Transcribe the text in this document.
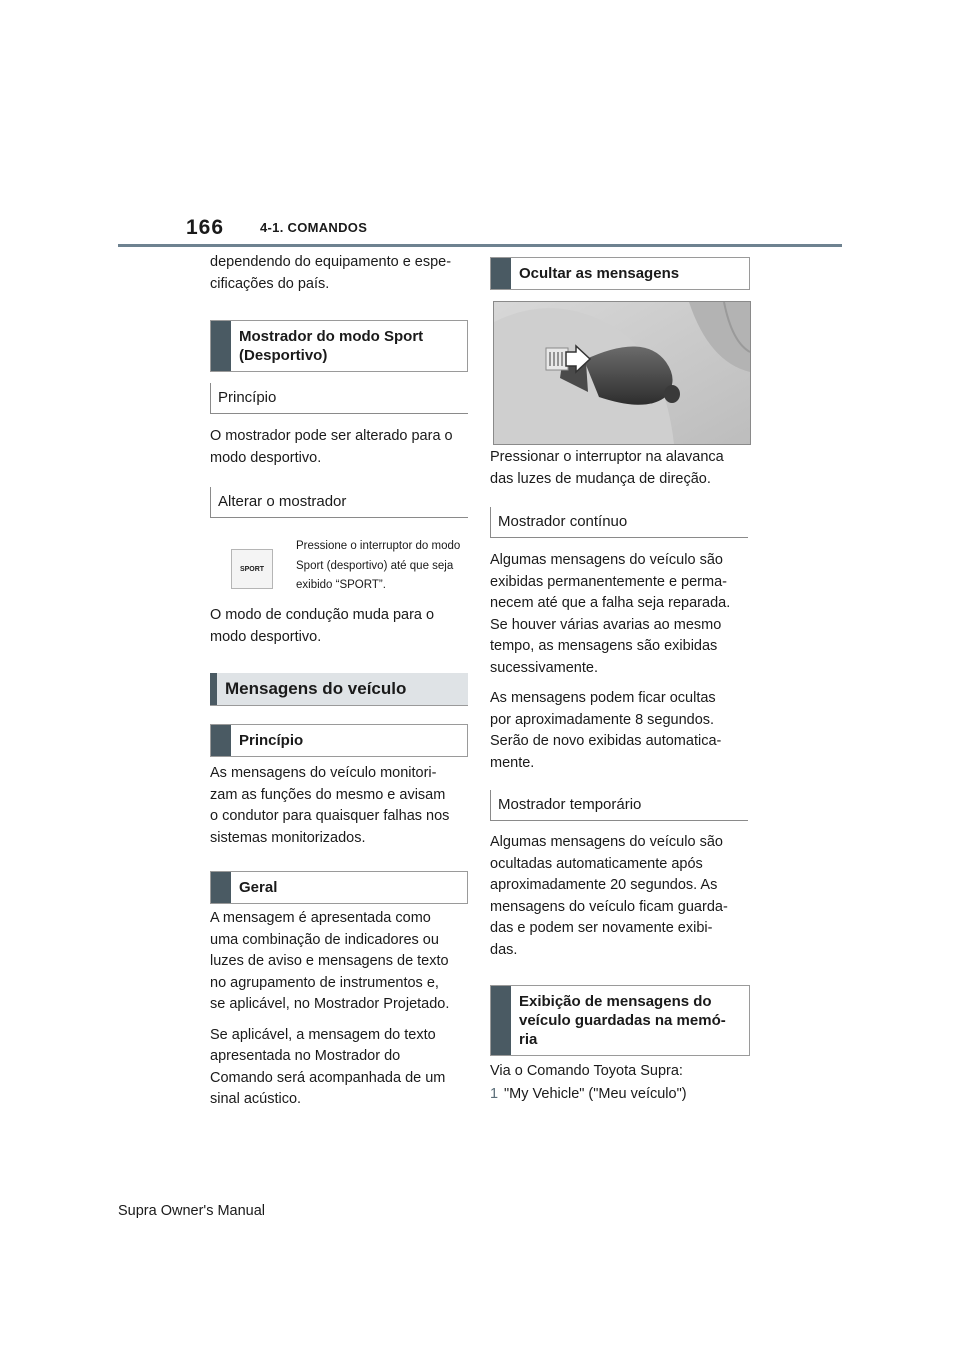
166	4-1. COMANDOS
dependendo do equipamento e espe-
cificações do país.
Mostrador do modo Sport (Desportivo)
Princípio
O mostrador pode ser alterado para o
modo desportivo.
Alterar o mostrador
SPORT
Pressione o interruptor do modo Sport (desportivo) até que seja exibido “SPORT”.
O modo de condução muda para o
modo desportivo.
Mensagens do veículo
Princípio
As mensagens do veículo monitori-
zam as funções do mesmo e avisam
o condutor para quaisquer falhas nos
sistemas monitorizados.
Geral

A mensagem é apresentada como
uma combinação de indicadores ou
luzes de aviso e mensagens de texto
no agrupamento de instrumentos e,
se aplicável, no Mostrador Projetado.

Se aplicável, a mensagem do texto
apresentada no Mostrador do
Comando será acompanhada de um
sinal acústico.

Ocultar as mensagens
Pressionar o interruptor na alavanca
das luzes de mudança de direção.
Mostrador contínuo

Algumas mensagens do veículo são
exibidas permanentemente e perma-
necem até que a falha seja reparada.
Se houver várias avarias ao mesmo
tempo, as mensagens são exibidas
sucessivamente.

As mensagens podem ficar ocultas
por aproximadamente 8 segundos.
Serão de novo exibidas automatica-
mente.

Mostrador temporário
Algumas mensagens do veículo são
ocultadas automaticamente após
aproximadamente 20 segundos. As
mensagens do veículo ficam guarda-
das e podem ser novamente exibi-
das.
Exibição de mensagens do veículo guardadas na memó-ria
Via o Comando Toyota Supra:
1 "My Vehicle" ("Meu veículo")
Supra Owner's Manual
